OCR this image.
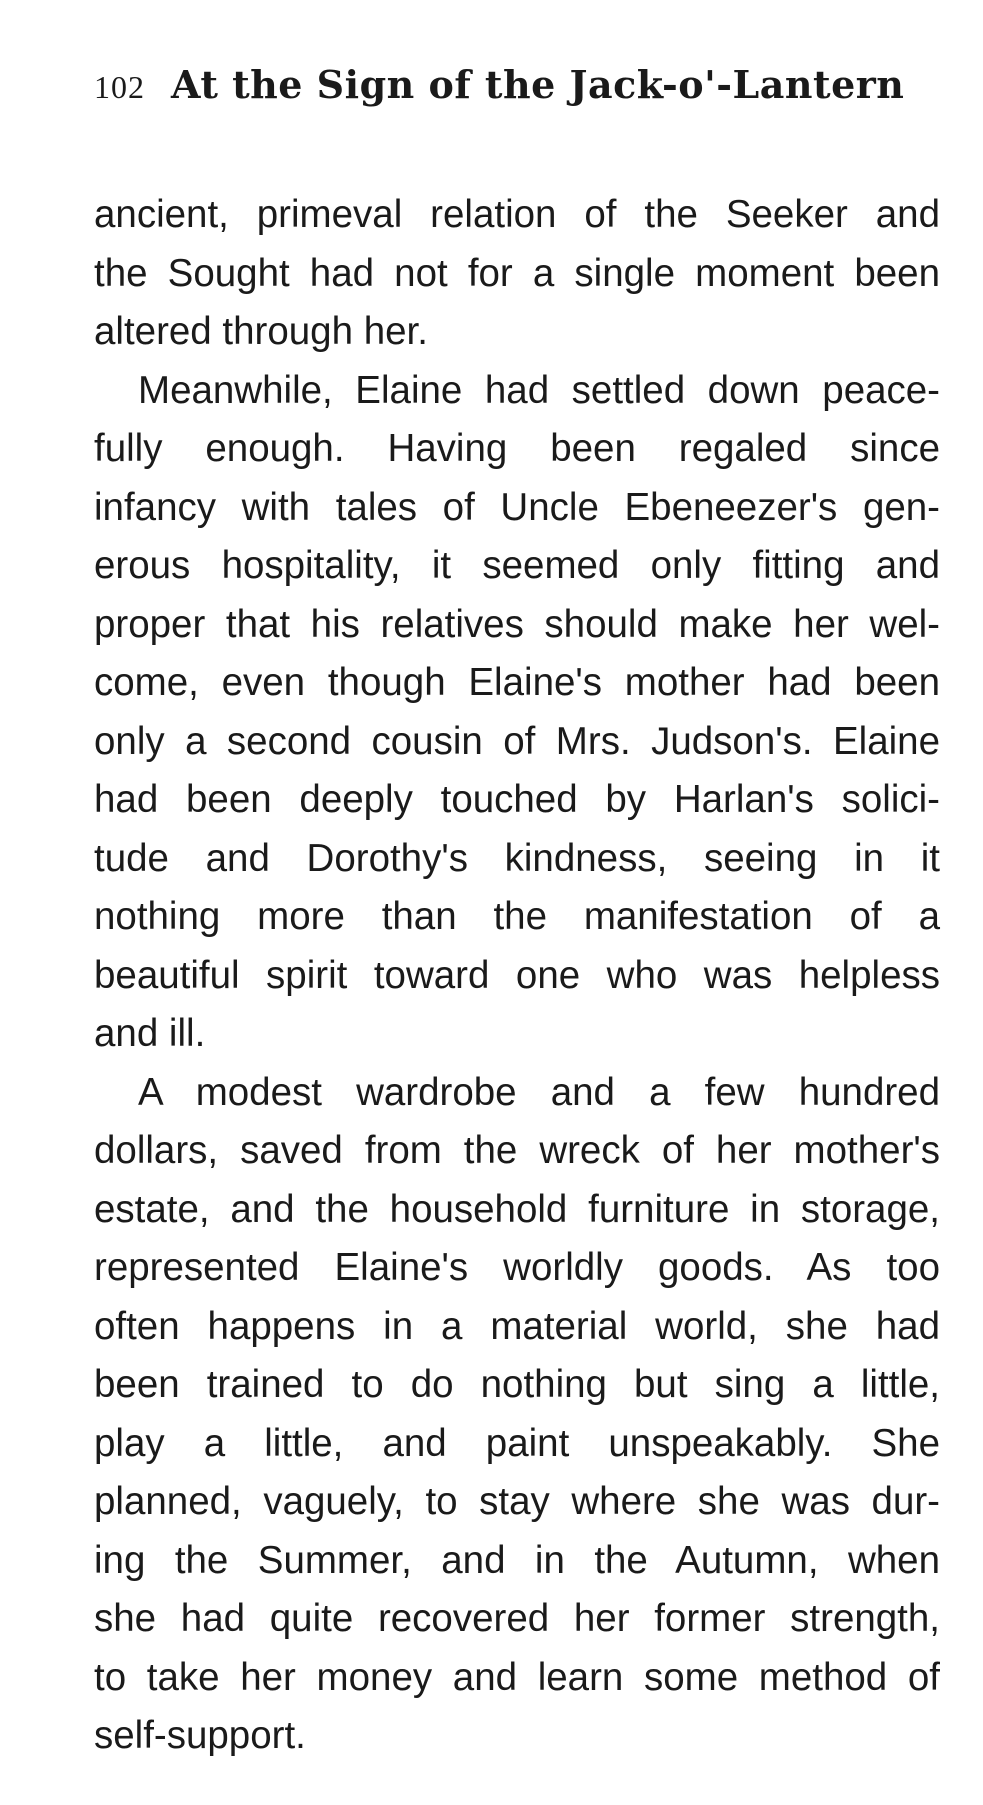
102 At the Sign of the Jack-o'-Lantern
ancient, primeval relation of the Seeker and
the Sought had not for a single moment been
altered through her.
Meanwhile, Elaine had settled down peace-
fully enough. Having been regaled since
infancy with tales of Uncle Ebeneezer's gen-
erous hospitality, it seemed only fitting and
proper that his relatives should make her wel-
come, even though Elaine's mother had been
only a second cousin of Mrs. Judson's. Elaine
had been deeply touched by Harlan's solici-
tude and Dorothy's kindness, seeing in it
nothing more than the manifestation of a
beautiful spirit toward one who was helpless
and ill.
A modest wardrobe and a few hundred
dollars, saved from the wreck of her mother's
estate, and the household furniture in storage,
represented Elaine's worldly goods. As too
often happens in a material world, she had
been trained to do nothing but sing a little,
play a little, and paint unspeakably. She
planned, vaguely, to stay where she was dur-
ing the Summer, and in the Autumn, when
she had quite recovered her former strength,
to take her money and learn some method of
self-support.
